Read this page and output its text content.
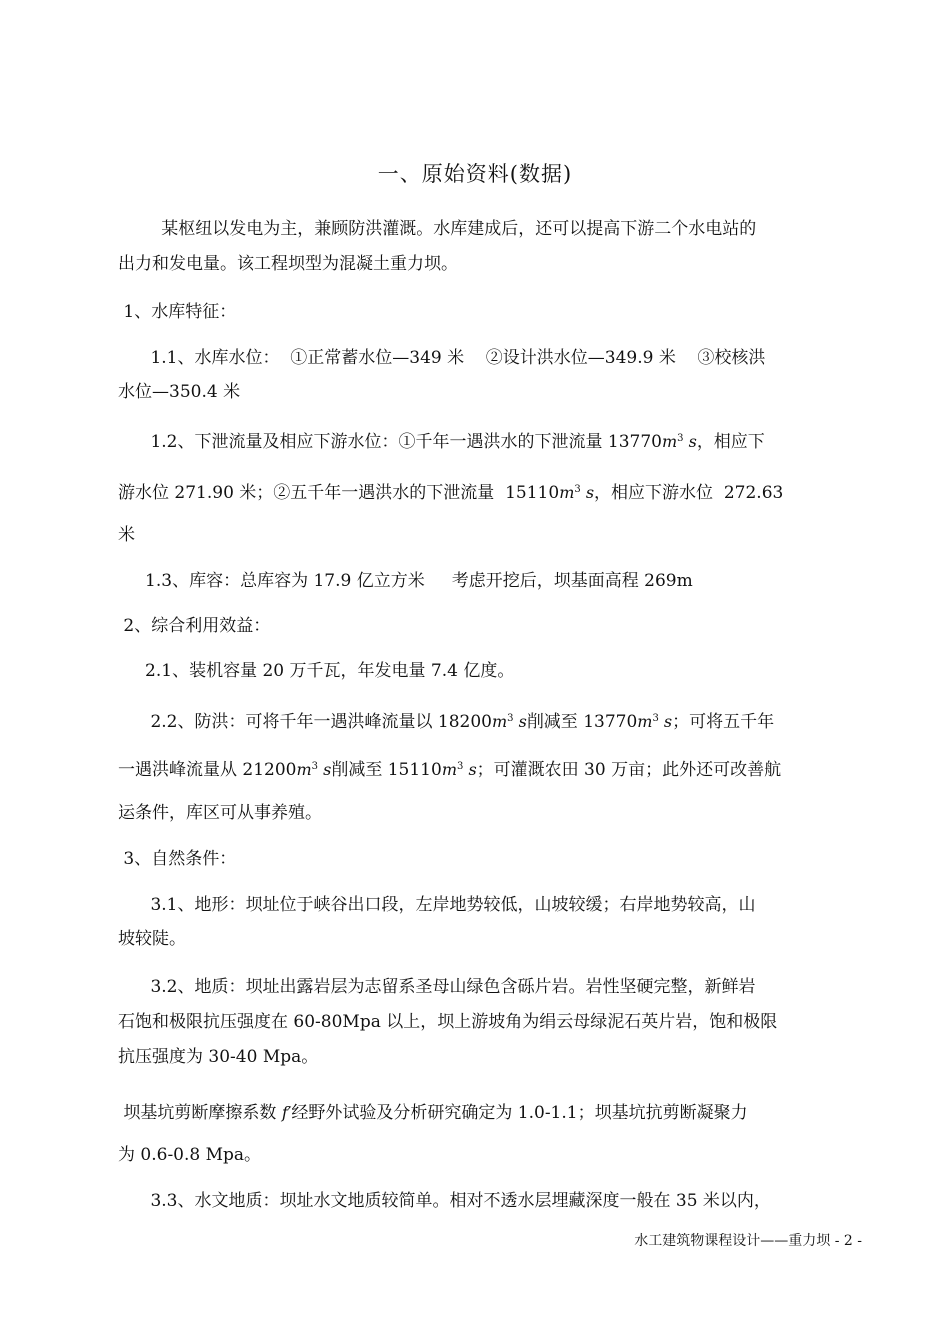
一、原始资料(数据)
某枢纽以发电为主，兼顾防洪灌溉。水库建成后，还可以提高下游二个水电站的
出力和发电量。该工程坝型为混凝土重力坝。
1、水库特征：
1.1、水库水位：  ①正常蓄水位—349 米    ②设计洪水位—349.9 米    ③校核洪
水位—350.4 米
1.2、下泄流量及相应下游水位：①千年一遇洪水的下泄流量 $13770m^3$ s，相应下
游水位 271.90 米；②五千年一遇洪水的下泄流量  $15110m^3$ s，相应下游水位  272.63
米
1.3、库容：总库容为 17.9 亿立方米     考虑开挖后，坝基面高程 269m
2、综合利用效益：
2.1、装机容量 20 万千瓦，年发电量 7.4 亿度。
2.2、防洪：可将千年一遇洪峰流量以 $18200m^3$ s削减至 $13770m^3$ s；可将五千年
一遇洪峰流量从 $21200m^3$ s削减至 $15110m^3$ s；可灌溉农田 30 万亩；此外还可改善航
运条件，库区可从事养殖。
3、自然条件：
3.1、地形：坝址位于峡谷出口段，左岸地势较低，山坡较缓；右岸地势较高，山
坡较陡。
3.2、地质：坝址出露岩层为志留系圣母山绿色含砾片岩。岩性坚硬完整，新鲜岩
石饱和极限抗压强度在 60-80Mpa 以上，坝上游坡角为绢云母绿泥石英片岩，饱和极限
抗压强度为 30-40 Mpa。
坝基坑剪断摩擦系数 f′经野外试验及分析研究确定为 1.0-1.1；坝基坑抗剪断凝聚力
为 0.6-0.8 Mpa。
3.3、水文地质：坝址水文地质较简单。相对不透水层埋藏深度一般在 35 米以内，
水工建筑物课程设计——重力坝 - 2 -
